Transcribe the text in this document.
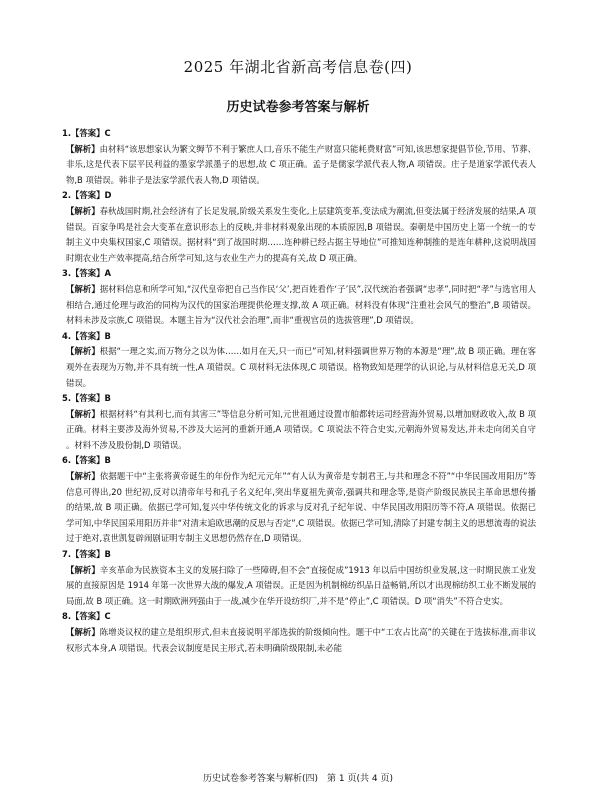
2025 年湖北省新高考信息卷(四)
历史试卷参考答案与解析
1.【答案】C
【解析】由材料“该思想家认为繁文缛节不利于繁庶人口,音乐不能生产财富只能耗费财富”可知,该思想家提倡节俭,节用、节葬、非乐,这是代表下层平民利益的墨家学派墨子的思想,故 C 项正确。孟子是儒家学派代表人物,A 项错误。庄子是道家学派代表人物,B 项错误。韩非子是法家学派代表人物,D 项错误。
2.【答案】D
【解析】春秋战国时期,社会经济有了长足发展,阶级关系发生变化,上层建筑变革,变法成为潮流,但变法属于经济发展的结果,A 项错误。百家争鸣是社会大变革在意识形态上的反映,并非材料观象出现的本质原因,B 项错误。秦朝是中国历史上第一个统一的专制主义中央集权国家,C 项错误。据材料“到了战国时期……连种耕已经占据主导地位”可推知连种制推的是连年耕种,这说明战国时期农业生产效率提高,结合所学可知,这与农业生产力的提高有关,故 D 项正确。
3.【答案】A
【解析】据材料信息和所学可知,“汉代皇帝把自己当作民‘父’,把百姓看作‘子’民”,汉代统治者强调“忠孝”,同时把“孝”与选官用人相结合,通过伦理与政治的同构为汉代的国家治理提供伦理支撑,故 A 项正确。材料没有体现“注重社会风气的整治”,B 项错误。材料未涉及宗族,C 项错误。本题主旨为“汉代社会治理”,而非“重视官员的选拔管理”,D 项错误。
4.【答案】B
【解析】根据“一理之实,而万物分之以为体……如月在天,只一而已”可知,材料强调世界万物的本源是“理”,故 B 项正确。理在客观外在表现为万物,并不具有统一性,A 项错误。C 项材料无法体现,C 项错误。格物致知是理学的认识论,与从材料信息无关,D 项错误。
5.【答案】B
【解析】根据材料“有其利七,而有其害三”等信息分析可知,元世祖通过设置市舶都转运司经营海外贸易,以增加财政收入,故 B 项正确。材料主要涉及海外贸易,不涉及大运河的重新开通,A 项错误。C 项说法不符合史实,元朝海外贸易发达,并未走向闭关自守。材料不涉及股份制,D 项错误。
6.【答案】B
【解析】依据题干中“主张将黄帝诞生的年份作为纪元元年”“有人认为黄帝是专制君王,与共和理念不符”“中华民国改用阳历”等信息可得出,20 世纪初,反对以清帝年号和孔子名义纪年,突出华夏祖先黄帝,强调共和理念等,是资产阶级民族民主革命思想传播的结果,故 B 项正确。依据已学可知,复兴中华传统文化的诉求与反对孔子纪年说、中华民国改用阳历等不符,A 项错误。依据已学可知,中华民国采用阳历并非“对清末追欧思潮的反思与否定”,C 项错误。依据已学可知,清除了封建专制主义的思想流毒的说法过于绝对,袁世凯复辟闹剧证明专制主义思想仍然存在,D 项错误。
7.【答案】B
【解析】辛亥革命为民族资本主义的发展扫除了一些障碍,但不会“直接促成”1913 年以后中国纺织业发展,这一时期民族工业发展的直接原因是 1914 年第一次世界大战的爆发,A 项错误。正是因为机制棉纺织品日益畅销,所以才出现棉纺织工业不断发展的局面,故 B 项正确。这一时期欧洲列强由于一战,减少在华开设纺织厂,并不是“停止”,C 项错误。D 项“消失”不符合史实。
8.【答案】C
【解析】陈增炎议权的建立是组织形式,但未直接说明平部选拔的阶级倾向性。题干中“工农占比高”的关键在于选拔标准,而非议权形式本身,A 项错误。代表会议制度是民主形式,若未明确阶级限制,未必能
历史试卷参考答案与解析(四)　第 1 页(共 4 页)
